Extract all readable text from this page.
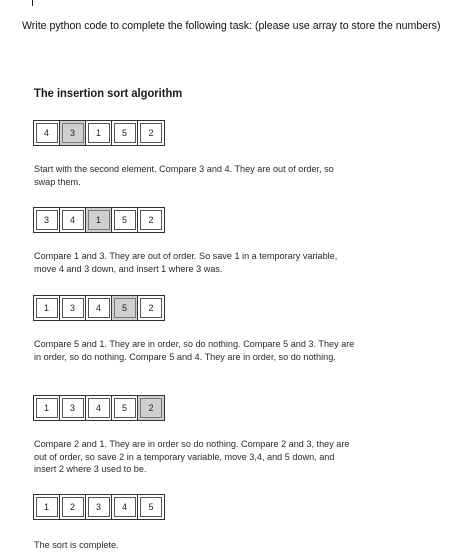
Write python code to complete the following task: (please use array to store the numbers)
The insertion sort algorithm
4	3	1	5	2
Start with the second element. Compare 3 and 4. They are out of order, so swap them.
3	4	1	5	2
Compare 1 and 3. They are out of order. So save 1 in a temporary variable, move 4 and 3 down, and insert 1 where 3 was.
1	3	4	5	2
Compare 5 and 1. They are in order, so do nothing. Compare 5 and 3. They are in order, so do nothing. Compare 5 and 4. They are in order, so do nothing.
1	3	4	5	2
Compare 2 and 1. They are in order so do nothing. Compare 2 and 3, they are out of order, so save 2 in a temporary variable, move 3,4, and 5 down, and insert 2 where 3 used to be.
1	2	3	4	5
The sort is complete.
